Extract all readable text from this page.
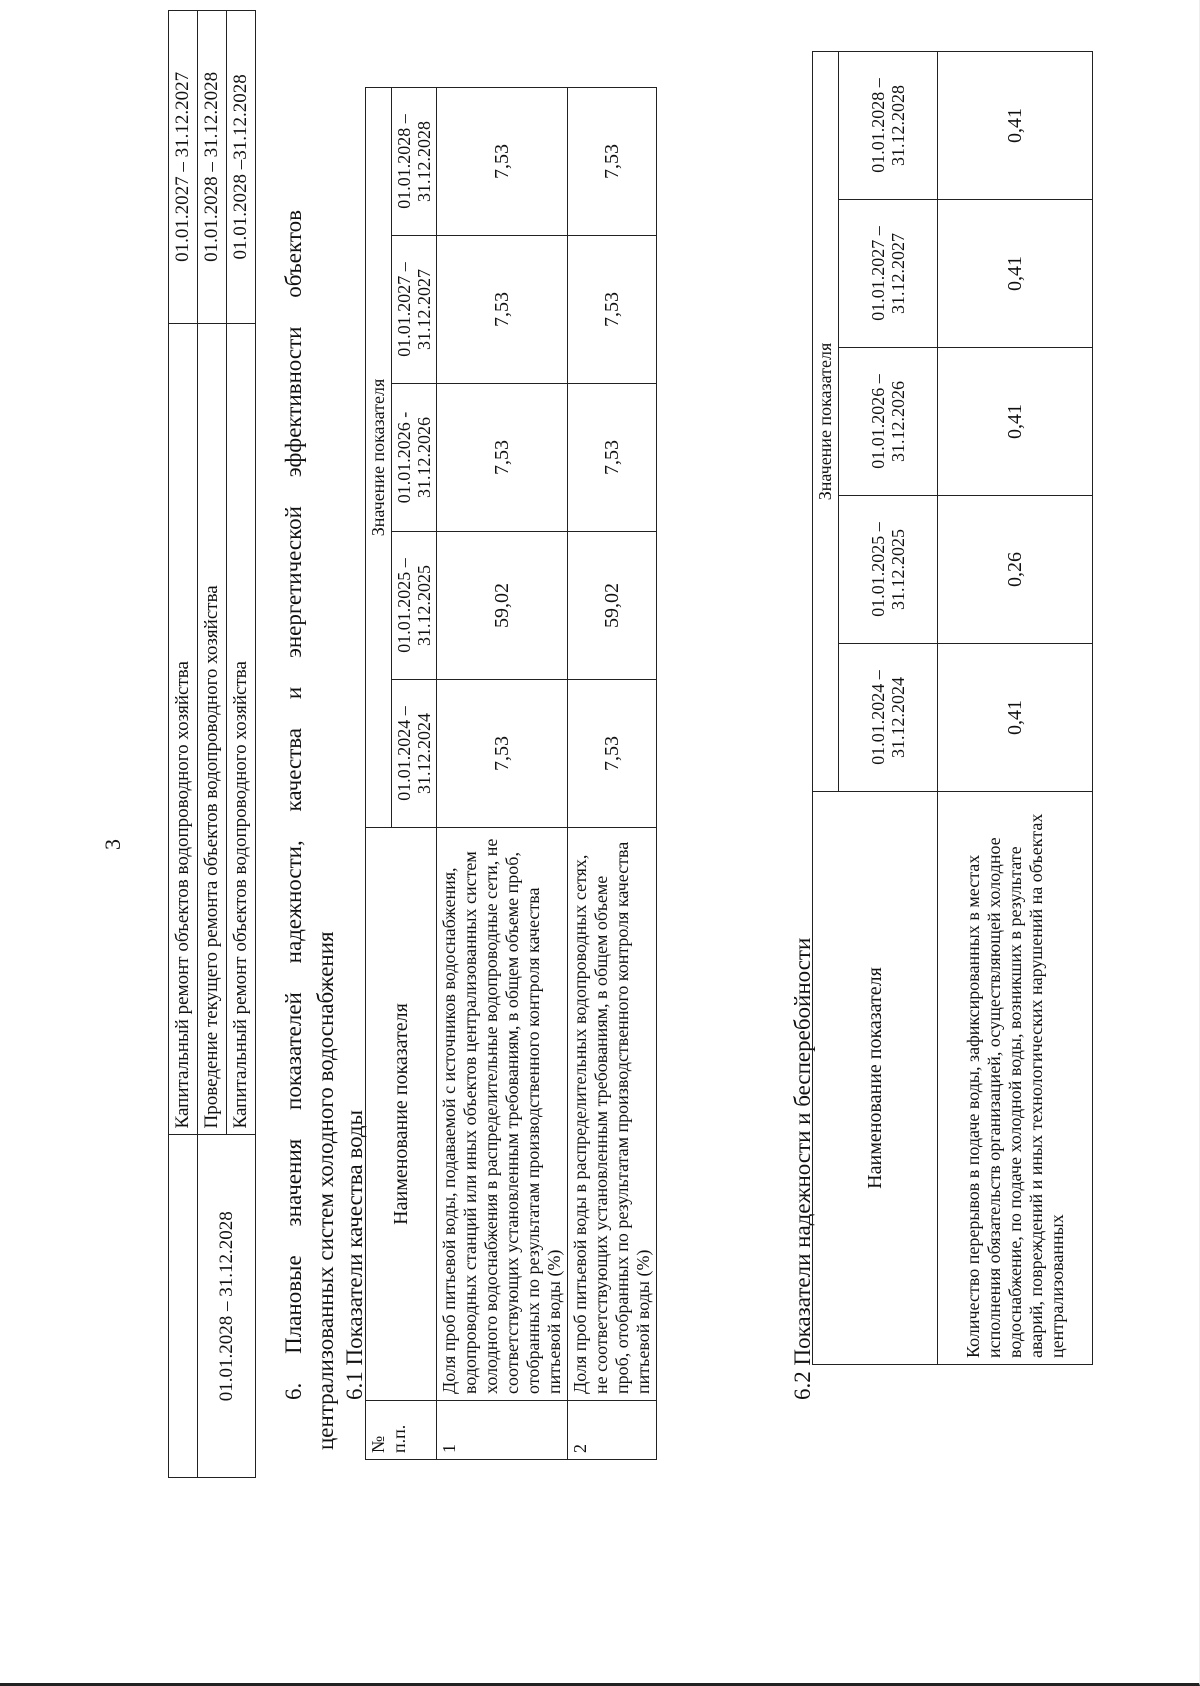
3
	Капитальный ремонт объектов водопроводного хозяйства	01.01.2027 – 31.12.2027
01.01.2028 – 31.12.2028	Проведение текущего ремонта объектов водопроводного хозяйства	01.01.2028 – 31.12.2028
	Капитальный ремонт объектов водопроводного хозяйства	01.01.2028 –31.12.2028
6. Плановые значения показателей надежности, качества и энергетической эффективности объектов централизованных систем холодного водоснабжения 6.1 Показатели качества воды
№ п.п.	Наименование показателя	Значение показателя				
		01.01.2024 – 31.12.2024	01.01.2025 – 31.12.2025	01.01.2026 - 31.12.2026	01.01.2027 – 31.12.2027	01.01.2028 – 31.12.2028
1	Доля проб питьевой воды, подаваемой с источников водоснабжения, водопроводных станций или иных объектов централизованных систем холодного водоснабжения в распределительные водопроводные сети, не соответствующих установленным требованиям, в общем объеме проб, отобранных по результатам производственного контроля качества питьевой воды (%)	7,53	59,02	7,53	7,53	7,53
2	Доля проб питьевой воды в распределительных водопроводных сетях, не соответствующих установленным требованиям, в общем объеме проб, отобранных по результатам производственного контроля качества питьевой воды (%)	7,53	59,02	7,53	7,53	7,53
6.2 Показатели надежности и бесперебойности Наименование показателя	Значение показателя				
	01.01.2024 – 31.12.2024	01.01.2025 – 31.12.2025	01.01.2026 – 31.12.2026	01.01.2027 – 31.12.2027	01.01.2028 – 31.12.2028
Количество перерывов в подаче воды, зафиксированных в местах исполнения обязательств организацией, осуществляющей холодное водоснабжение, по подаче холодной воды, возникших в результате аварий, повреждений и иных технологических нарушений на объектах централизованных	0,41	0,26	0,41	0,41	0,41
